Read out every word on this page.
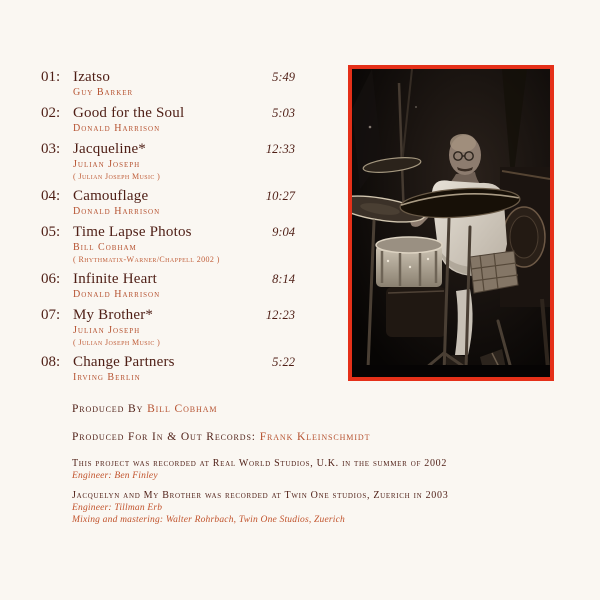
01: Izatso
Guy Barker
5:49
02: Good for the Soul
Donald Harrison
5:03
03: Jacqueline*
Julian Joseph
( Julian Joseph Music )
12:33
04: Camouflage
Donald Harrison
10:27
05: Time Lapse Photos
Bill Cobham
( Rhythmatix-Warner/Chappell 2002 )
9:04
06: Infinite Heart
Donald Harrison
8:14
07: My Brother*
Julian Joseph
( Julian Joseph Music )
12:23
08: Change Partners
Irving Berlin
5:22
Produced By Bill Cobham
Produced For In & Out Records: Frank Kleinschmidt
This project was recorded at Real World Studios, U.K. in the summer of 2002
Engineer: Ben Finley
Jacquelyn and My Brother was recorded at Twin One studios, Zuerich in 2003
Engineer: Tillman Erb
Mixing and mastering: Walter Rohrbach, Twin One Studios, Zuerich
